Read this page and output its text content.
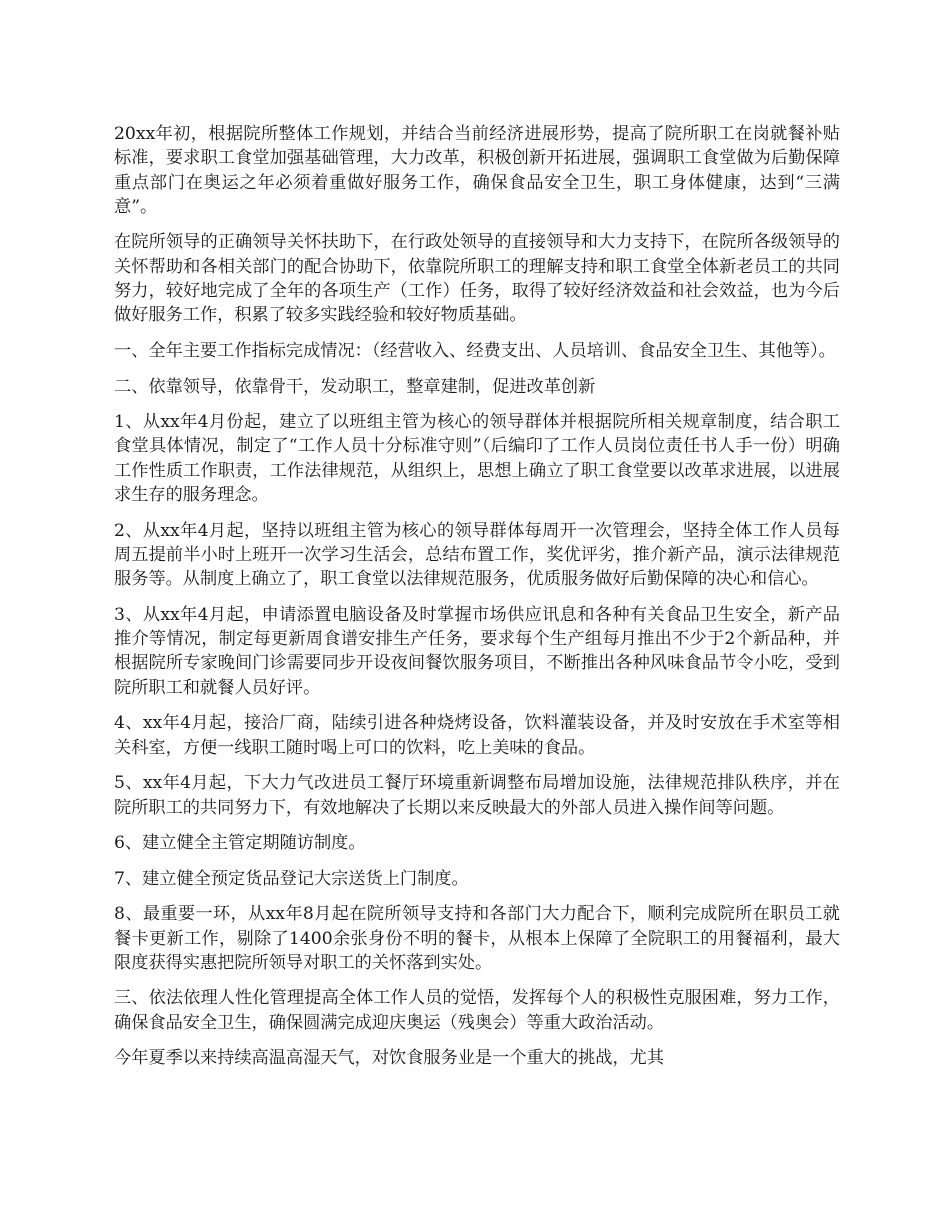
20xx年初，根据院所整体工作规划，并结合当前经济进展形势，提高了院所职工在岗就餐补贴标准，要求职工食堂加强基础管理，大力改革，积极创新开拓进展，强调职工食堂做为后勤保障重点部门在奥运之年必须着重做好服务工作，确保食品安全卫生，职工身体健康，达到“三满意”。

在院所领导的正确领导关怀扶助下，在行政处领导的直接领导和大力支持下，在院所各级领导的关怀帮助和各相关部门的配合协助下，依靠院所职工的理解支持和职工食堂全体新老员工的共同努力，较好地完成了全年的各项生产（工作）任务，取得了较好经济效益和社会效益，也为今后做好服务工作，积累了较多实践经验和较好物质基础。

一、全年主要工作指标完成情况：（经营收入、经费支出、人员培训、食品安全卫生、其他等）。

二、依靠领导，依靠骨干，发动职工，整章建制，促进改革创新

1、从xx年4月份起，建立了以班组主管为核心的领导群体并根据院所相关规章制度，结合职工食堂具体情况，制定了“工作人员十分标准守则”（后编印了工作人员岗位责任书人手一份）明确工作性质工作职责，工作法律规范，从组织上，思想上确立了职工食堂要以改革求进展，以进展求生存的服务理念。

2、从xx年4月起，坚持以班组主管为核心的领导群体每周开一次管理会，坚持全体工作人员每周五提前半小时上班开一次学习生活会，总结布置工作，奖优评劣，推介新产品，演示法律规范服务等。从制度上确立了，职工食堂以法律规范服务，优质服务做好后勤保障的决心和信心。

3、从xx年4月起，申请添置电脑设备及时掌握市场供应讯息和各种有关食品卫生安全，新产品推介等情况，制定每更新周食谱安排生产任务，要求每个生产组每月推出不少于2个新品种，并根据院所专家晚间门诊需要同步开设夜间餐饮服务项目，不断推出各种风味食品节令小吃，受到院所职工和就餐人员好评。

4、xx年4月起，接洽厂商，陆续引进各种烧烤设备，饮料灌装设备，并及时安放在手术室等相关科室，方便一线职工随时喝上可口的饮料，吃上美味的食品。

5、xx年4月起，下大力气改进员工餐厅环境重新调整布局增加设施，法律规范排队秩序，并在院所职工的共同努力下，有效地解决了长期以来反映最大的外部人员进入操作间等问题。

6、建立健全主管定期随访制度。

7、建立健全预定货品登记大宗送货上门制度。

8、最重要一环，从xx年8月起在院所领导支持和各部门大力配合下，顺利完成院所在职员工就餐卡更新工作，剔除了1400余张身份不明的餐卡，从根本上保障了全院职工的用餐福利，最大限度获得实惠把院所领导对职工的关怀落到实处。

三、依法依理人性化管理提高全体工作人员的觉悟，发挥每个人的积极性克服困难，努力工作，确保食品安全卫生，确保圆满完成迎庆奥运（残奥会）等重大政治活动。

今年夏季以来持续高温高湿天气，对饮食服务业是一个重大的挑战，尤其
